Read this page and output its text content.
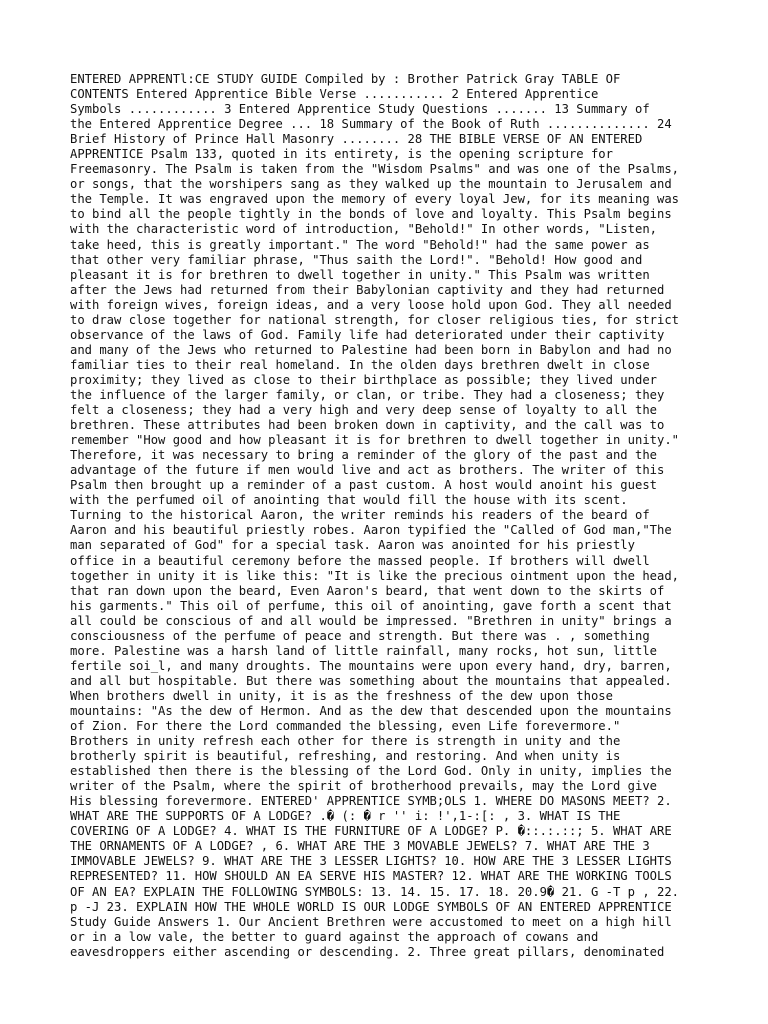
ENTERED APPRENTl:CE STUDY GUIDE Compiled by : Brother Patrick Gray TABLE OF
CONTENTS Entered Apprentice Bible Verse ........... 2 Entered Apprentice
Symbols ............ 3 Entered Apprentice Study Questions ....... 13 Summary of
the Entered Apprentice Degree ... 18 Summary of the Book of Ruth .............. 24
Brief History of Prince Hall Masonry ........ 28 THE BIBLE VERSE OF AN ENTERED
APPRENTICE Psalm 133, quoted in its entirety, is the opening scripture for
Freemasonry. The Psalm is taken from the "Wisdom Psalms" and was one of the Psalms,
or songs, that the worshipers sang as they walked up the mountain to Jerusalem and
the Temple. It was engraved upon the memory of every loyal Jew, for its meaning was
to bind all the people tightly in the bonds of love and loyalty. This Psalm begins
with the characteristic word of introduction, "Behold!" In other words, "Listen,
take heed, this is greatly important." The word "Behold!" had the same power as
that other very familiar phrase, "Thus saith the Lord!". "Behold! How good and
pleasant it is for brethren to dwell together in unity." This Psalm was written
after the Jews had returned from their Babylonian captivity and they had returned
with foreign wives, foreign ideas, and a very loose hold upon God. They all needed
to draw close together for national strength, for closer religious ties, for strict
observance of the laws of God. Family life had deteriorated under their captivity
and many of the Jews who returned to Palestine had been born in Babylon and had no
familiar ties to their real homeland. In the olden days brethren dwelt in close
proximity; they lived as close to their birthplace as possible; they lived under
the influence of the larger family, or clan, or tribe. They had a closeness; they
felt a closeness; they had a very high and very deep sense of loyalty to all the
brethren. These attributes had been broken down in captivity, and the call was to
remember "How good and how pleasant it is for brethren to dwell together in unity."
Therefore, it was necessary to bring a reminder of the glory of the past and the
advantage of the future if men would live and act as brothers. The writer of this
Psalm then brought up a reminder of a past custom. A host would anoint his guest
with the perfumed oil of anointing that would fill the house with its scent.
Turning to the historical Aaron, the writer reminds his readers of the beard of
Aaron and his beautiful priestly robes. Aaron typified the "Called of God man,"The
man separated of God" for a special task. Aaron was anointed for his priestly
office in a beautiful ceremony before the massed people. If brothers will dwell
together in unity it is like this: "It is like the precious ointment upon the head,
that ran down upon the beard, Even Aaron's beard, that went down to the skirts of
his garments." This oil of perfume, this oil of anointing, gave forth a scent that
all could be conscious of and all would be impressed. "Brethren in unity" brings a
consciousness of the perfume of peace and strength. But there was . , something
more. Palestine was a harsh land of little rainfall, many rocks, hot sun, little
fertile soi_l, and many droughts. The mountains were upon every hand, dry, barren,
and all but hospitable. But there was something about the mountains that appealed.
When brothers dwell in unity, it is as the freshness of the dew upon those
mountains: "As the dew of Hermon. And as the dew that descended upon the mountains
of Zion. For there the Lord commanded the blessing, even Life forevermore."
Brothers in unity refresh each other for there is strength in unity and the
brotherly spirit is beautiful, refreshing, and restoring. And when unity is
established then there is the blessing of the Lord God. Only in unity, implies the
writer of the Psalm, where the spirit of brotherhood prevails, may the Lord give
His blessing forevermore. ENTERED' APPRENTICE SYMB;OLS 1. WHERE DO MASONS MEET? 2.
WHAT ARE THE SUPPORTS OF A LODGE? .� (: � r '' i: !',1-:[: , 3. WHAT IS THE
COVERING OF A LODGE? 4. WHAT IS THE FURNITURE OF A LODGE? P. �::.:.::; 5. WHAT ARE
THE ORNAMENTS OF A LODGE? , 6. WHAT ARE THE 3 MOVABLE JEWELS? 7. WHAT ARE THE 3
IMMOVABLE JEWELS? 9. WHAT ARE THE 3 LESSER LIGHTS? 10. HOW ARE THE 3 LESSER LIGHTS
REPRESENTED? 11. HOW SHOULD AN EA SERVE HIS MASTER? 12. WHAT ARE THE WORKING TOOLS
OF AN EA? EXPLAIN THE FOLLOWING SYMBOLS: 13. 14. 15. 17. 18. 20.9� 21. G -T p , 22.
p -J 23. EXPLAIN HOW THE WHOLE WORLD IS OUR LODGE SYMBOLS OF AN ENTERED APPRENTICE
Study Guide Answers 1. Our Ancient Brethren were accustomed to meet on a high hill
or in a low vale, the better to guard against the approach of cowans and
eavesdroppers either ascending or descending. 2. Three great pillars, denominated
